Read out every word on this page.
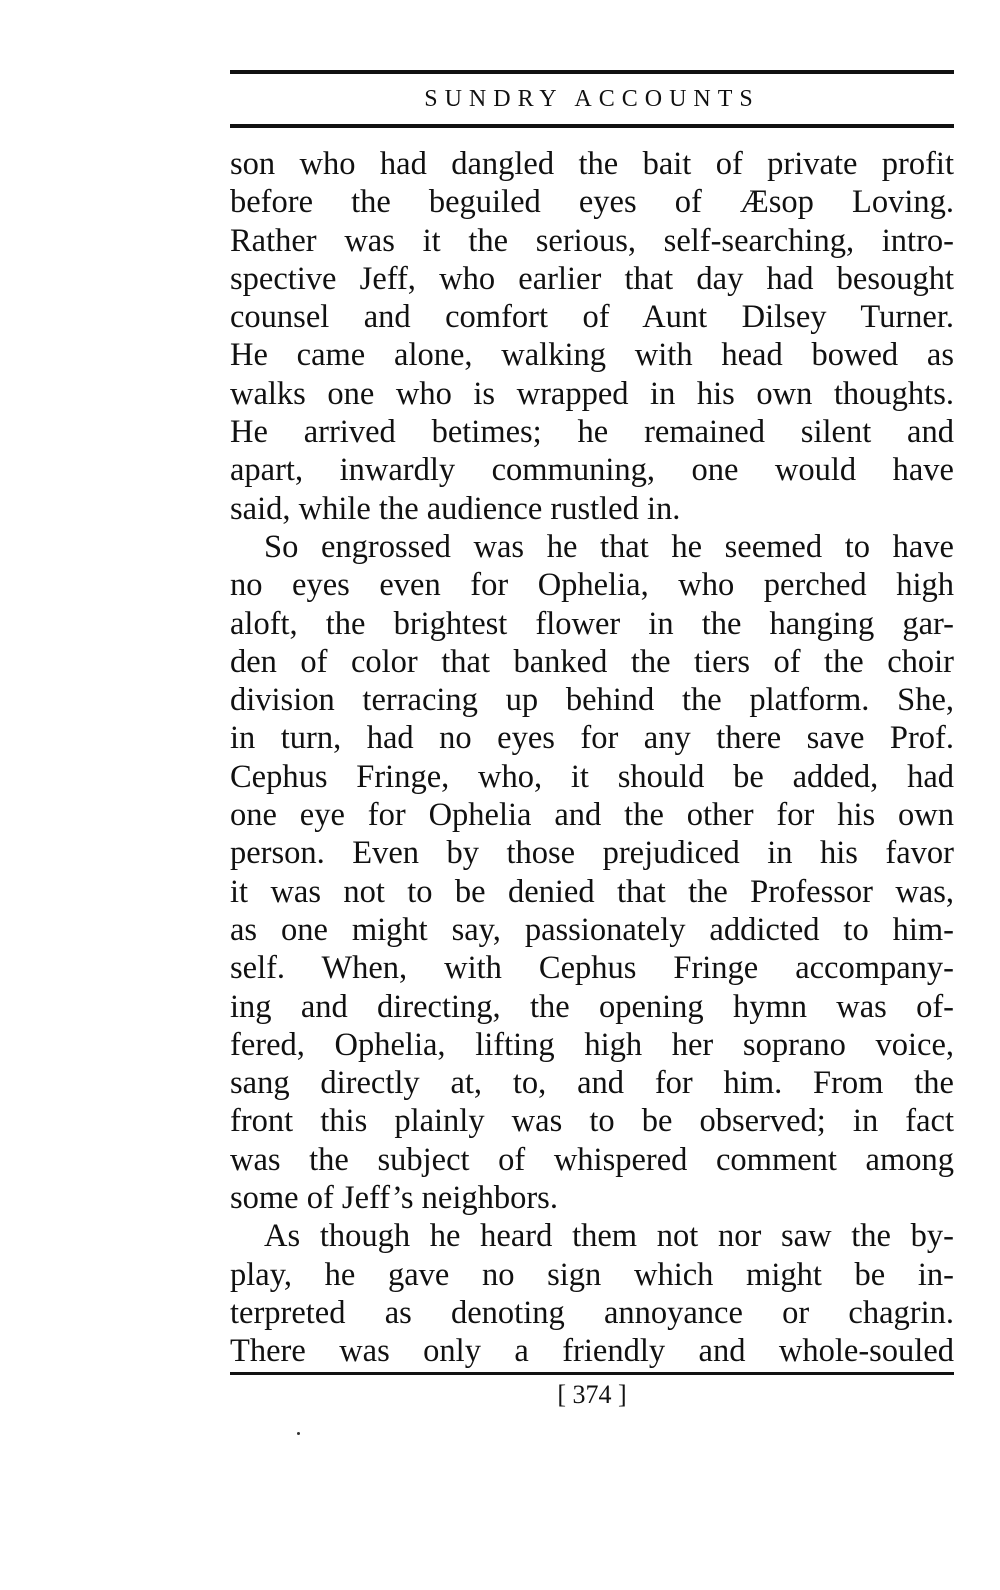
SUNDRY ACCOUNTS
son who had dangled the bait of private profit
before the beguiled eyes of Æsop Loving.
Rather was it the serious, self-searching, intro-
spective Jeff, who earlier that day had besought
counsel and comfort of Aunt Dilsey Turner.
He came alone, walking with head bowed as
walks one who is wrapped in his own thoughts.
He arrived betimes; he remained silent and
apart, inwardly communing, one would have
said, while the audience rustled in.
So engrossed was he that he seemed to have
no eyes even for Ophelia, who perched high
aloft, the brightest flower in the hanging gar-
den of color that banked the tiers of the choir
division terracing up behind the platform. She,
in turn, had no eyes for any there save Prof.
Cephus Fringe, who, it should be added, had
one eye for Ophelia and the other for his own
person. Even by those prejudiced in his favor
it was not to be denied that the Professor was,
as one might say, passionately addicted to him-
self. When, with Cephus Fringe accompany-
ing and directing, the opening hymn was of-
fered, Ophelia, lifting high her soprano voice,
sang directly at, to, and for him. From the
front this plainly was to be observed; in fact
was the subject of whispered comment among
some of Jeff’s neighbors.
As though he heard them not nor saw the by-
play, he gave no sign which might be in-
terpreted as denoting annoyance or chagrin.
There was only a friendly and whole-souled
[ 374 ]
